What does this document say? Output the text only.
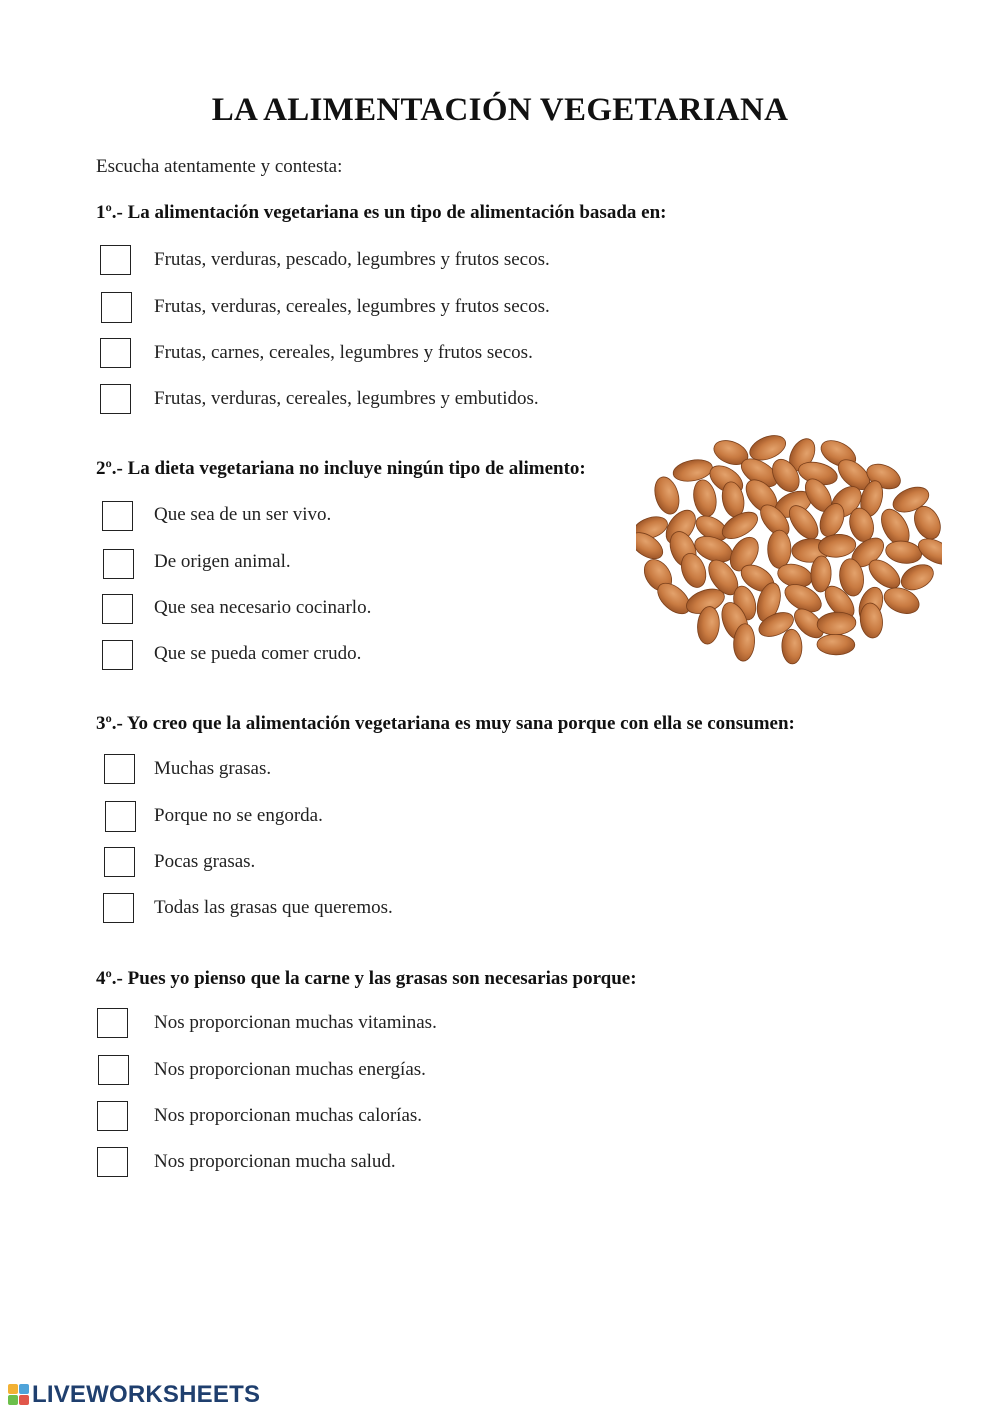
LA ALIMENTACIÓN VEGETARIANA
Escucha atentamente y contesta:
1º.- La alimentación vegetariana es un tipo de alimentación basada en:
Frutas, verduras, pescado, legumbres y frutos secos.
Frutas, verduras, cereales, legumbres y frutos secos.
Frutas, carnes, cereales, legumbres y frutos secos.
Frutas, verduras, cereales, legumbres y embutidos.
2º.- La dieta vegetariana no incluye ningún tipo de alimento:
Que sea de un ser vivo.
De origen animal.
Que sea necesario cocinarlo.
Que se pueda comer crudo.
3º.- Yo creo que la alimentación vegetariana es muy sana porque con ella se consumen:
Muchas grasas.
Porque no se engorda.
Pocas grasas.
Todas las grasas que queremos.
4º.- Pues yo pienso que la carne y las grasas son necesarias porque:
Nos proporcionan muchas vitaminas.
Nos proporcionan muchas energías.
Nos proporcionan muchas calorías.
Nos proporcionan mucha salud.
LIVEWORKSHEETS
